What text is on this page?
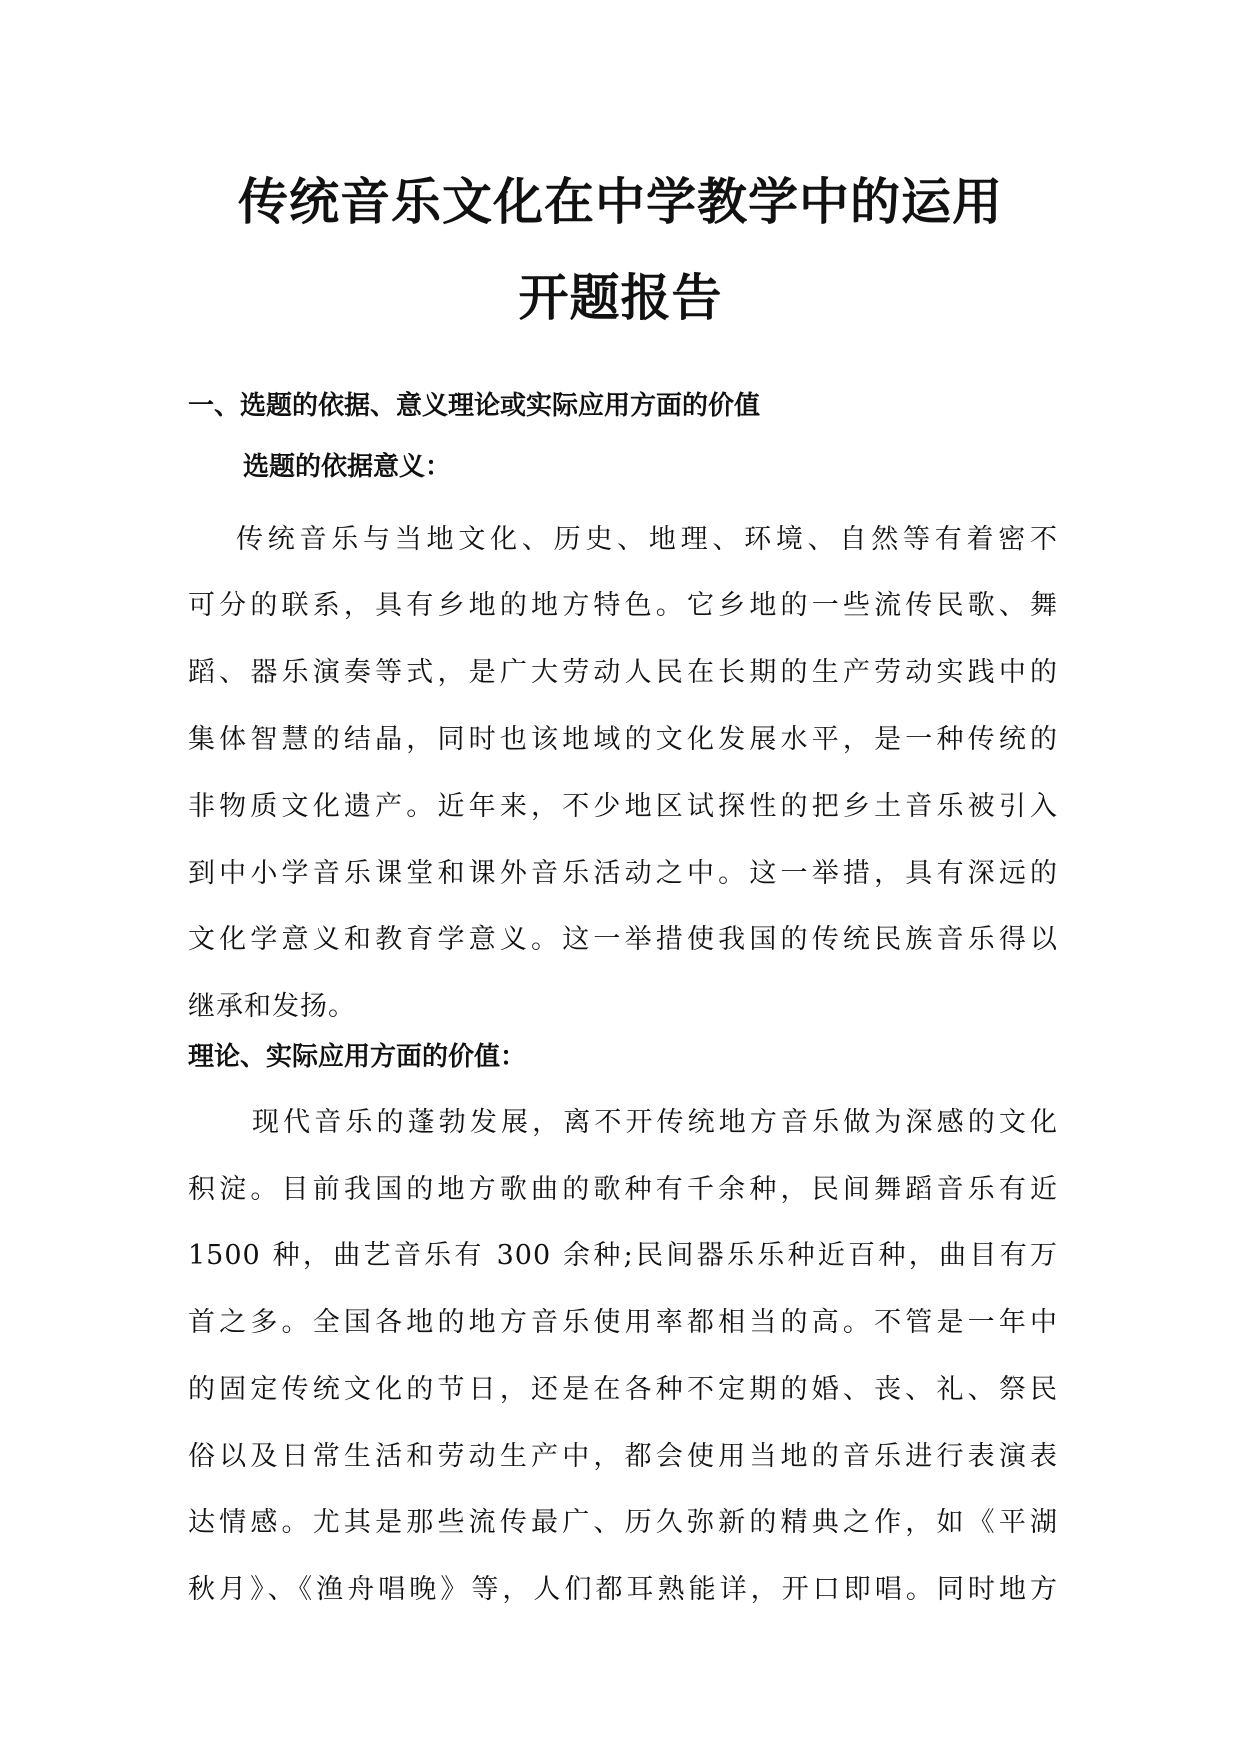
传统音乐文化在中学教学中的运用
开题报告
一、选题的依据、意义理论或实际应用方面的价值
选题的依据意义：
传统音乐与当地文化、历史、地理、环境、自然等有着密不
可分的联系，具有乡地的地方特色。它乡地的一些流传民歌、舞
蹈、器乐演奏等式，是广大劳动人民在长期的生产劳动实践中的
集体智慧的结晶，同时也该地域的文化发展水平，是一种传统的
非物质文化遗产。近年来，不少地区试探性的把乡土音乐被引入
到中小学音乐课堂和课外音乐活动之中。这一举措，具有深远的
文化学意义和教育学意义。这一举措使我国的传统民族音乐得以
继承和发扬。
理论、实际应用方面的价值：
现代音乐的蓬勃发展，离不开传统地方音乐做为深感的文化
积淀。目前我国的地方歌曲的歌种有千余种，民间舞蹈音乐有近
1500 种，曲艺音乐有 300 余种;民间器乐乐种近百种，曲目有万
首之多。全国各地的地方音乐使用率都相当的高。不管是一年中
的固定传统文化的节日，还是在各种不定期的婚、丧、礼、祭民
俗以及日常生活和劳动生产中，都会使用当地的音乐进行表演表
达情感。尤其是那些流传最广、历久弥新的精典之作，如《平湖
秋月》、《渔舟唱晚》等，人们都耳熟能详，开口即唱。同时地方
